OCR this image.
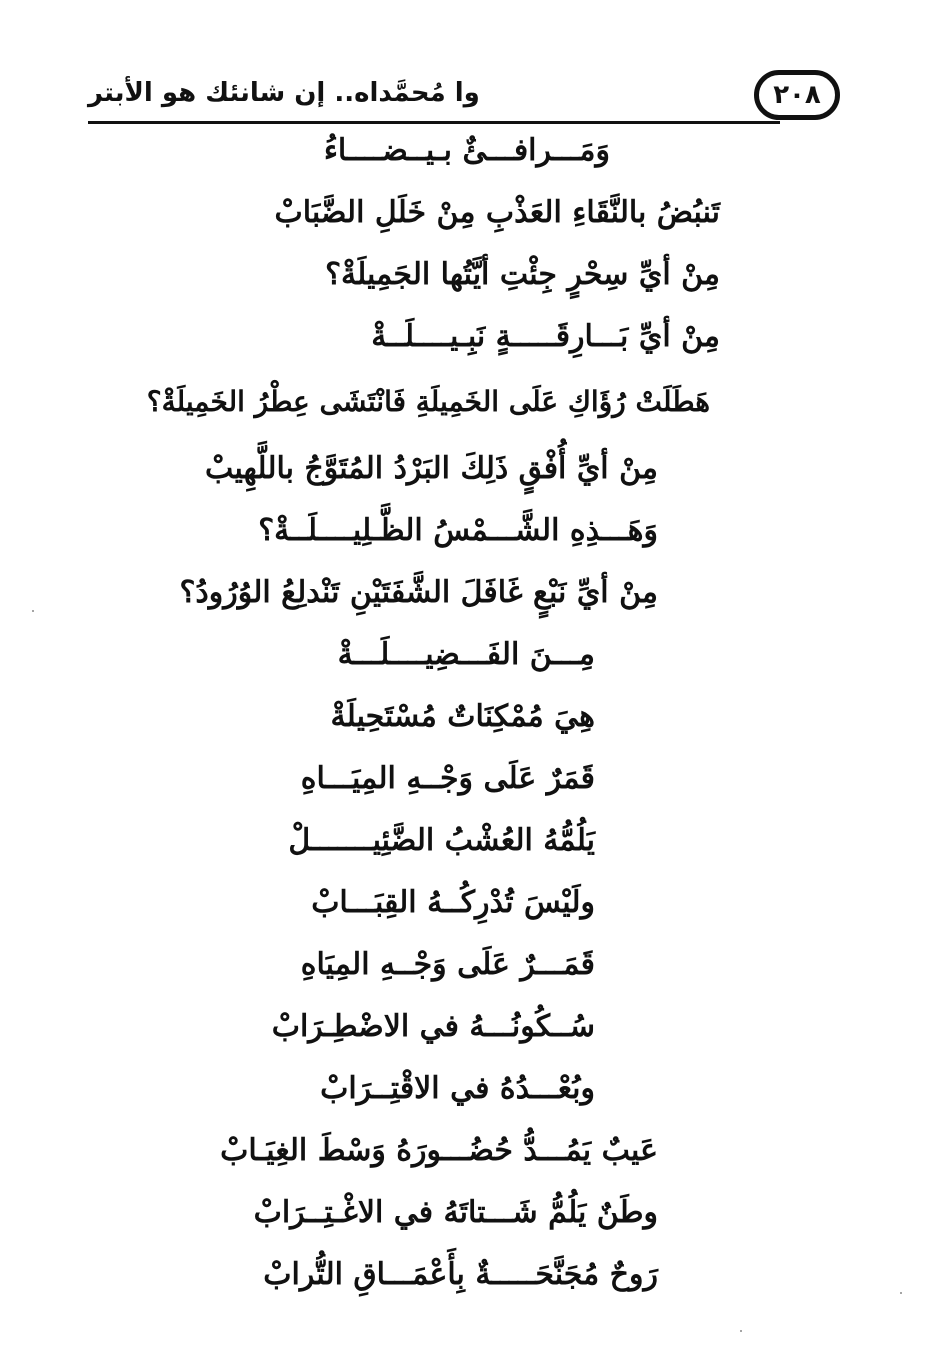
وا مُحمَّداه.. إن شانئك هو الأبتر	٢٠٨
وَمَـــرافـــئٌ بـيــضــــاءُ
تَنبُضُ بالنَّقَاءِ العَذْبِ مِنْ خَلَلِ الضَّبَابْ
مِنْ أيِّ سِحْرٍ جِئْتِ أيَّتُها الجَمِيلَةْ؟
مِنْ أيِّ بَـــارِقَـــــةٍ نَبِـيــــلَــةْ
هَطَلَتْ رُؤَاكِ عَلَى الخَمِيلَةِ فَانْتَشَى عِطْرُ الخَمِيلَةْ؟
مِنْ أيِّ أُفْقٍ ذَلِكَ البَرْدُ المُتَوَّجُ باللَّهِيبْ
وَهَـــذِهِ الشَّـــمْسُ الظَّـلِيــــلَــةْ؟
مِنْ أيِّ نَبْعٍ غَافَلَ الشَّفَتَيْنِ تَنْدلِعُ الوُرُودُ؟
مِـــنَ الفَـــضِيــــلَـــةْ
هِيَ مُمْكِنَاتٌ مُسْتَحِيلَةْ
قَمَرٌ عَلَى وَجْــهِ المِيَـــاهِ
يَلُمُّهُ العُشْبُ الضَّئِيـــــــلْ
ولَيْسَ تُدْرِكُــهُ القِبَـــابْ
قَمَـــرٌ عَلَى وَجْــهِ المِيَاهِ
سُــكُونُـــهُ في الاضْطِـرَابْ
وبُعْـــدُهُ في الاقْتِــرَابْ
عَيبٌ يَمُـــدُّ حُضُـــورَهُ وَسْطَ الغِيَـابْ
وطَنٌ يَلُمُّ شَـــتاتَهُ في الاغْـتِــرَابْ
رَوحٌ مُجَنَّحَـــــةٌ بِأَعْمَـــاقِ التُّرابْ
